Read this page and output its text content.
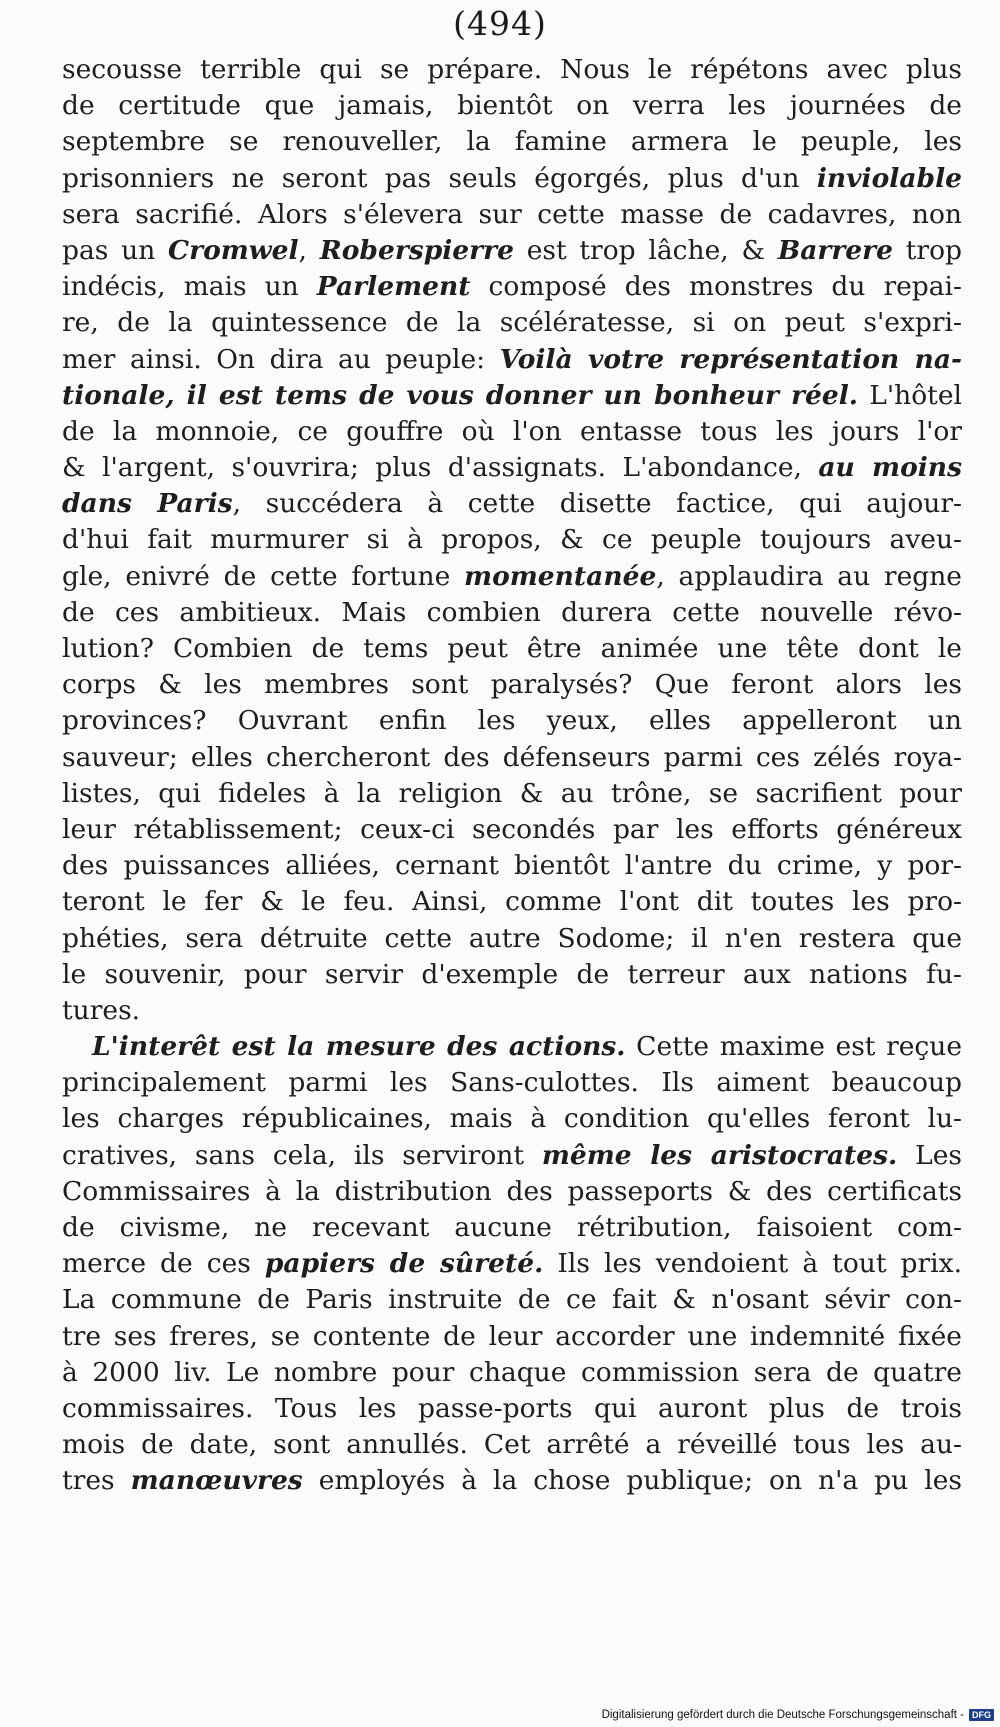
(494)
secousse terrible qui se prépare. Nous le répétons avec plus
de certitude que jamais, bientôt on verra les journées de
septembre se renouveller, la famine armera le peuple, les
prisonniers ne seront pas seuls égorgés, plus d'un inviolable
sera sacrifié. Alors s'élevera sur cette masse de cadavres, non
pas un Cromwel, Roberspierre est trop lâche, & Barrere trop
indécis, mais un Parlement composé des monstres du repai-
re, de la quintessence de la scélératesse, si on peut s'expri-
mer ainsi. On dira au peuple: Voilà votre représentation na-
tionale, il est tems de vous donner un bonheur réel. L'hôtel
de la monnoie, ce gouffre où l'on entasse tous les jours l'or
& l'argent, s'ouvrira; plus d'assignats. L'abondance, au moins
dans Paris, succédera à cette disette factice, qui aujour-
d'hui fait murmurer si à propos, & ce peuple toujours aveu-
gle, enivré de cette fortune momentanée, applaudira au regne
de ces ambitieux. Mais combien durera cette nouvelle révo-
lution? Combien de tems peut être animée une tête dont le
corps & les membres sont paralysés? Que feront alors les
provinces? Ouvrant enfin les yeux, elles appelleront un
sauveur; elles chercheront des défenseurs parmi ces zélés roya-
listes, qui fideles à la religion & au trône, se sacrifient pour
leur rétablissement; ceux-ci secondés par les efforts généreux
des puissances alliées, cernant bientôt l'antre du crime, y por-
teront le fer & le feu. Ainsi, comme l'ont dit toutes les pro-
phéties, sera détruite cette autre Sodome; il n'en restera que
le souvenir, pour servir d'exemple de terreur aux nations fu-
tures.
L'interêt est la mesure des actions. Cette maxime est reçue
principalement parmi les Sans-culottes. Ils aiment beaucoup
les charges républicaines, mais à condition qu'elles feront lu-
cratives, sans cela, ils serviront même les aristocrates. Les
Commissaires à la distribution des passeports & des certificats
de civisme, ne recevant aucune rétribution, faisoient com-
merce de ces papiers de sûreté. Ils les vendoient à tout prix.
La commune de Paris instruite de ce fait & n'osant sévir con-
tre ses freres, se contente de leur accorder une indemnité fixée
à 2000 liv. Le nombre pour chaque commission sera de quatre
commissaires. Tous les passe-ports qui auront plus de trois
mois de date, sont annullés. Cet arrêté a réveillé tous les au-
tres manœuvres employés à la chose publique; on n'a pu les
Digitalisierung gefördert durch die Deutsche Forschungsgemeinschaft - DFG
